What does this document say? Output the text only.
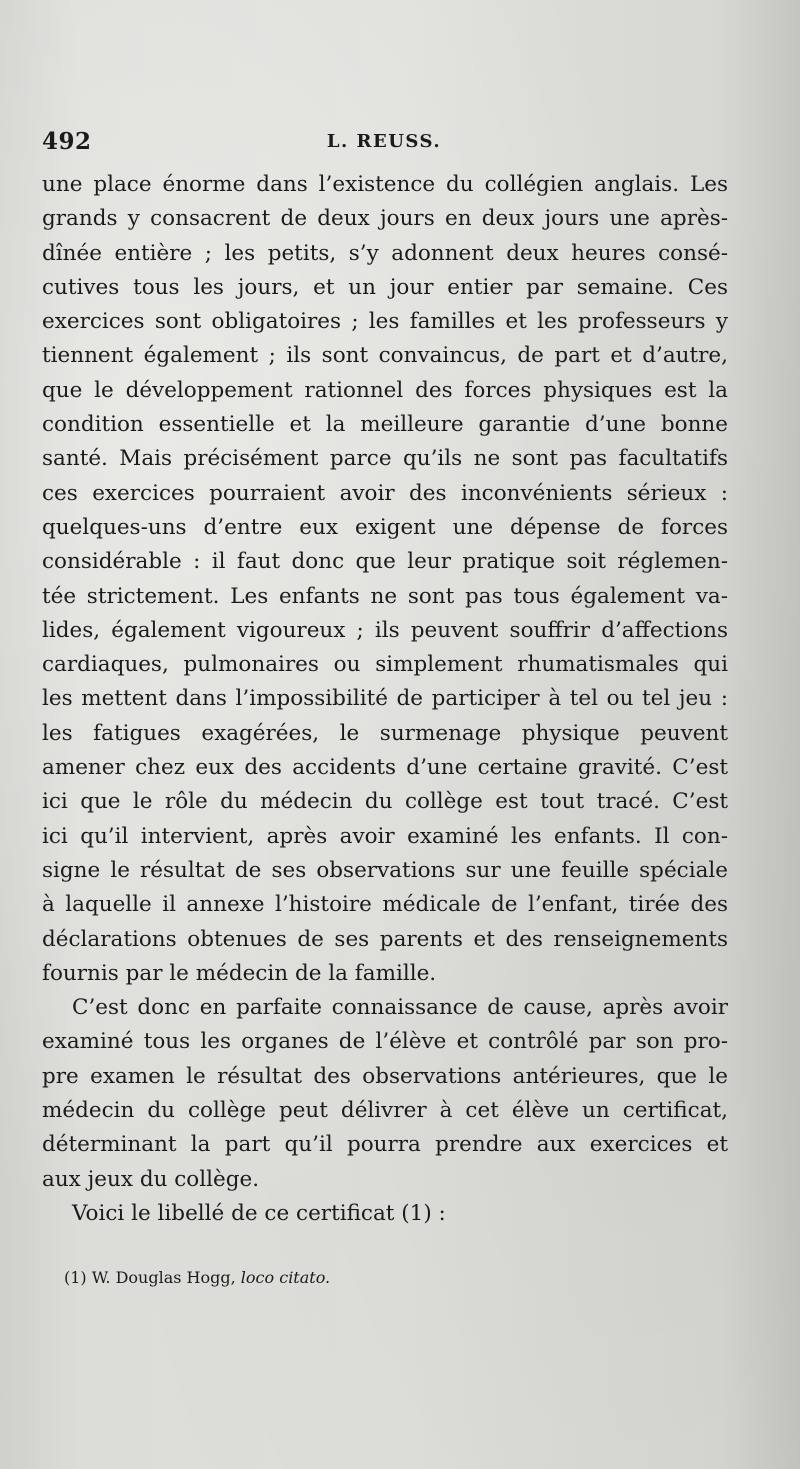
492	L. REUSS.
une place énorme dans l’existence du collégien anglais. Les
grands y consacrent de deux jours en deux jours une après-
dînée entière ; les petits, s’y adonnent deux heures consé-
cutives tous les jours, et un jour entier par semaine. Ces
exercices sont obligatoires ; les familles et les professeurs y
tiennent également ; ils sont convaincus, de part et d’autre,
que le développement rationnel des forces physiques est la
condition essentielle et la meilleure garantie d’une bonne
santé. Mais précisément parce qu’ils ne sont pas facultatifs
ces exercices pourraient avoir des inconvénients sérieux :
quelques-uns d’entre eux exigent une dépense de forces
considérable : il faut donc que leur pratique soit réglemen-
tée strictement. Les enfants ne sont pas tous également va-
lides, également vigoureux ; ils peuvent souffrir d’affections
cardiaques, pulmonaires ou simplement rhumatismales qui
les mettent dans l’impossibilité de participer à tel ou tel jeu :
les fatigues exagérées, le surmenage physique peuvent
amener chez eux des accidents d’une certaine gravité. C’est
ici que le rôle du médecin du collège est tout tracé. C’est
ici qu’il intervient, après avoir examiné les enfants. Il con-
signe le résultat de ses observations sur une feuille spéciale
à laquelle il annexe l’histoire médicale de l’enfant, tirée des
déclarations obtenues de ses parents et des renseignements
fournis par le médecin de la famille.
C’est donc en parfaite connaissance de cause, après avoir
examiné tous les organes de l’élève et contrôlé par son pro-
pre examen le résultat des observations antérieures, que le
médecin du collège peut délivrer à cet élève un certificat,
déterminant la part qu’il pourra prendre aux exercices et
aux jeux du collège.
Voici le libellé de ce certificat (1) :
(1) W. Douglas Hogg, loco citato.
